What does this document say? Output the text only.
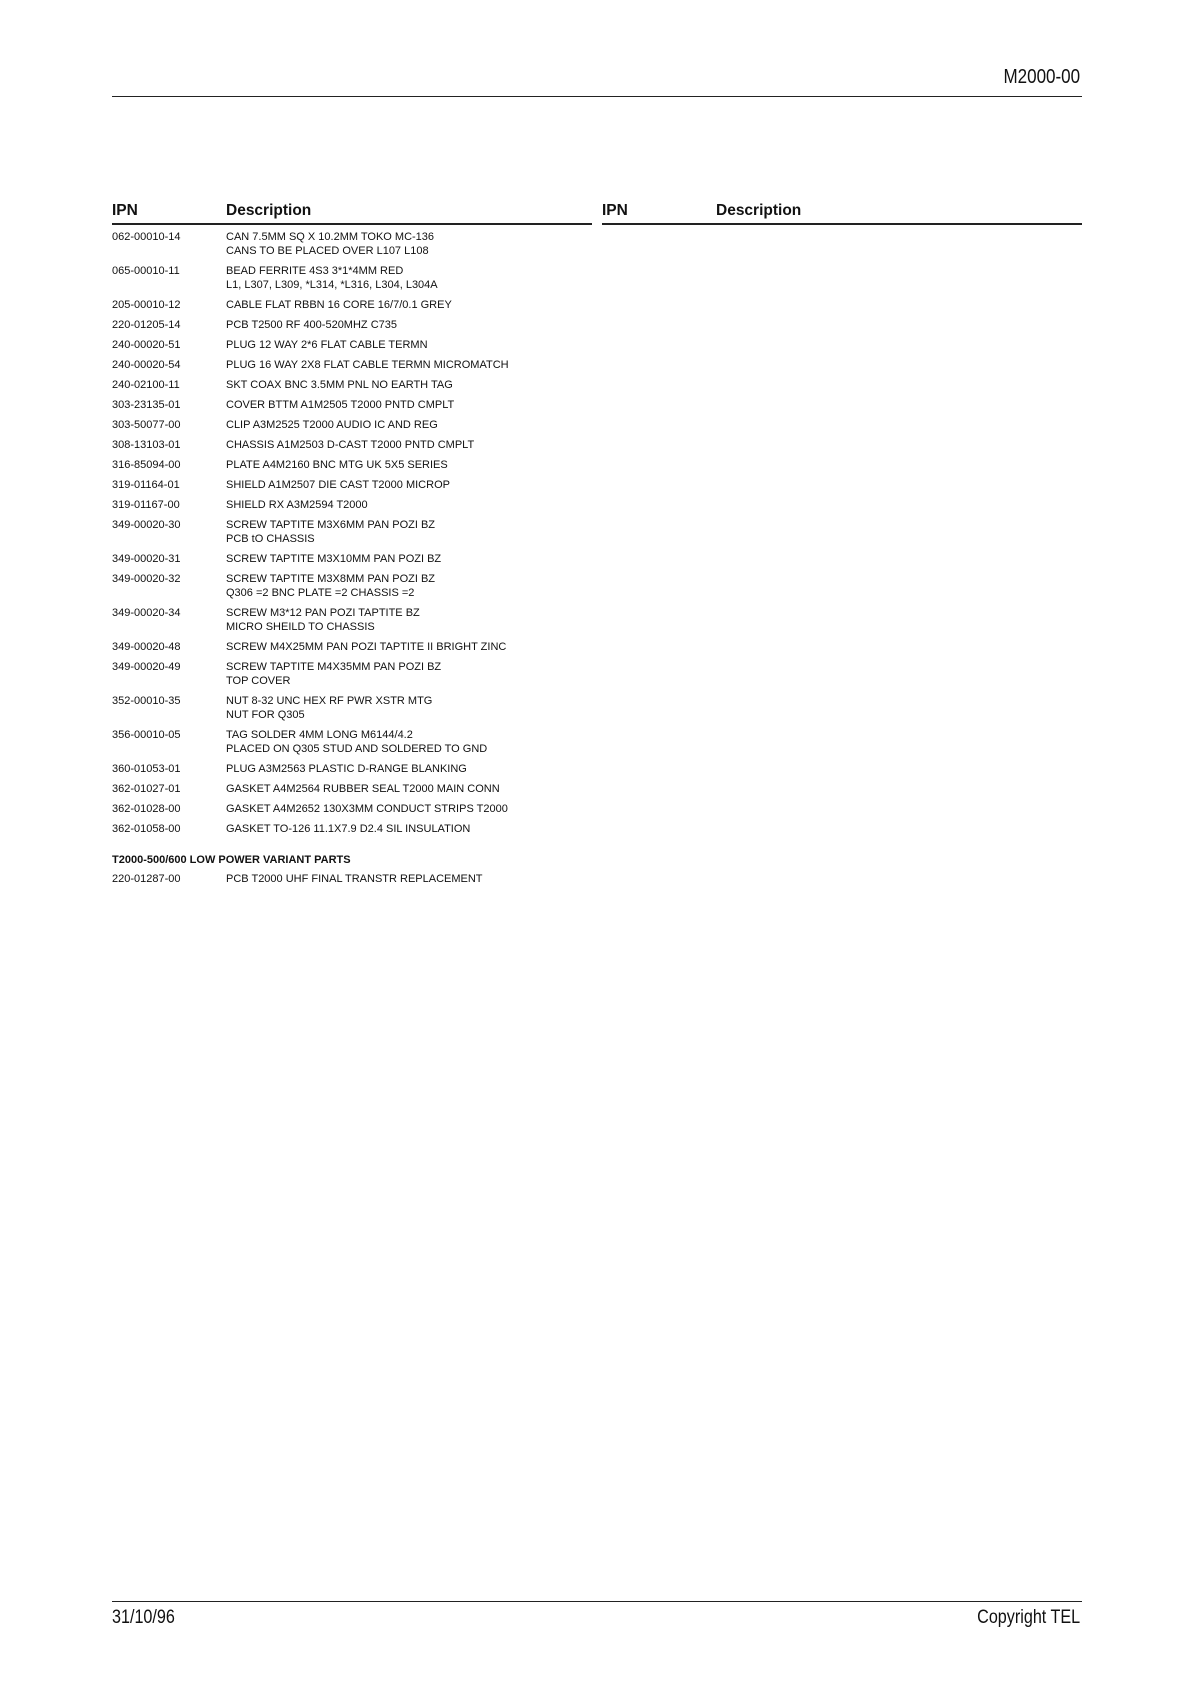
M2000-00
IPN	Description	IPN	Description
062-00010-14	CAN 7.5MM SQ X 10.2MM TOKO MC-136
CANS TO BE PLACED OVER L107 L108
065-00010-11	BEAD FERRITE 4S3 3*1*4MM RED
L1, L307, L309, *L314, *L316, L304, L304A
205-00010-12	CABLE FLAT RBBN 16 CORE 16/7/0.1 GREY
220-01205-14	PCB T2500 RF 400-520MHZ C735
240-00020-51	PLUG 12 WAY 2*6 FLAT CABLE TERMN
240-00020-54	PLUG 16 WAY 2X8 FLAT CABLE TERMN MICROMATCH
240-02100-11	SKT COAX BNC 3.5MM PNL NO EARTH TAG
303-23135-01	COVER BTTM A1M2505 T2000 PNTD CMPLT
303-50077-00	CLIP A3M2525 T2000 AUDIO IC AND REG
308-13103-01	CHASSIS A1M2503 D-CAST T2000 PNTD CMPLT
316-85094-00	PLATE A4M2160 BNC MTG UK 5X5 SERIES
319-01164-01	SHIELD A1M2507 DIE CAST T2000 MICROP
319-01167-00	SHIELD RX A3M2594 T2000
349-00020-30	SCREW TAPTITE M3X6MM PAN POZI BZ
PCB tO CHASSIS
349-00020-31	SCREW TAPTITE M3X10MM PAN POZI BZ
349-00020-32	SCREW TAPTITE M3X8MM PAN POZI BZ
Q306 =2 BNC PLATE =2 CHASSIS =2
349-00020-34	SCREW M3*12 PAN POZI TAPTITE BZ
MICRO SHEILD TO CHASSIS
349-00020-48	SCREW M4X25MM PAN POZI TAPTITE II BRIGHT ZINC
349-00020-49	SCREW TAPTITE M4X35MM PAN POZI BZ
TOP COVER
352-00010-35	NUT 8-32 UNC HEX RF PWR XSTR MTG
NUT FOR Q305
356-00010-05	TAG SOLDER 4MM LONG M6144/4.2
PLACED ON Q305 STUD AND SOLDERED TO GND
360-01053-01	PLUG A3M2563 PLASTIC D-RANGE BLANKING
362-01027-01	GASKET A4M2564 RUBBER SEAL T2000 MAIN CONN
362-01028-00	GASKET A4M2652 130X3MM CONDUCT STRIPS T2000
362-01058-00	GASKET TO-126 11.1X7.9 D2.4 SIL INSULATION
T2000-500/600 LOW POWER VARIANT PARTS
220-01287-00	PCB T2000 UHF FINAL TRANSTR REPLACEMENT
31/10/96	Copyright TEL
